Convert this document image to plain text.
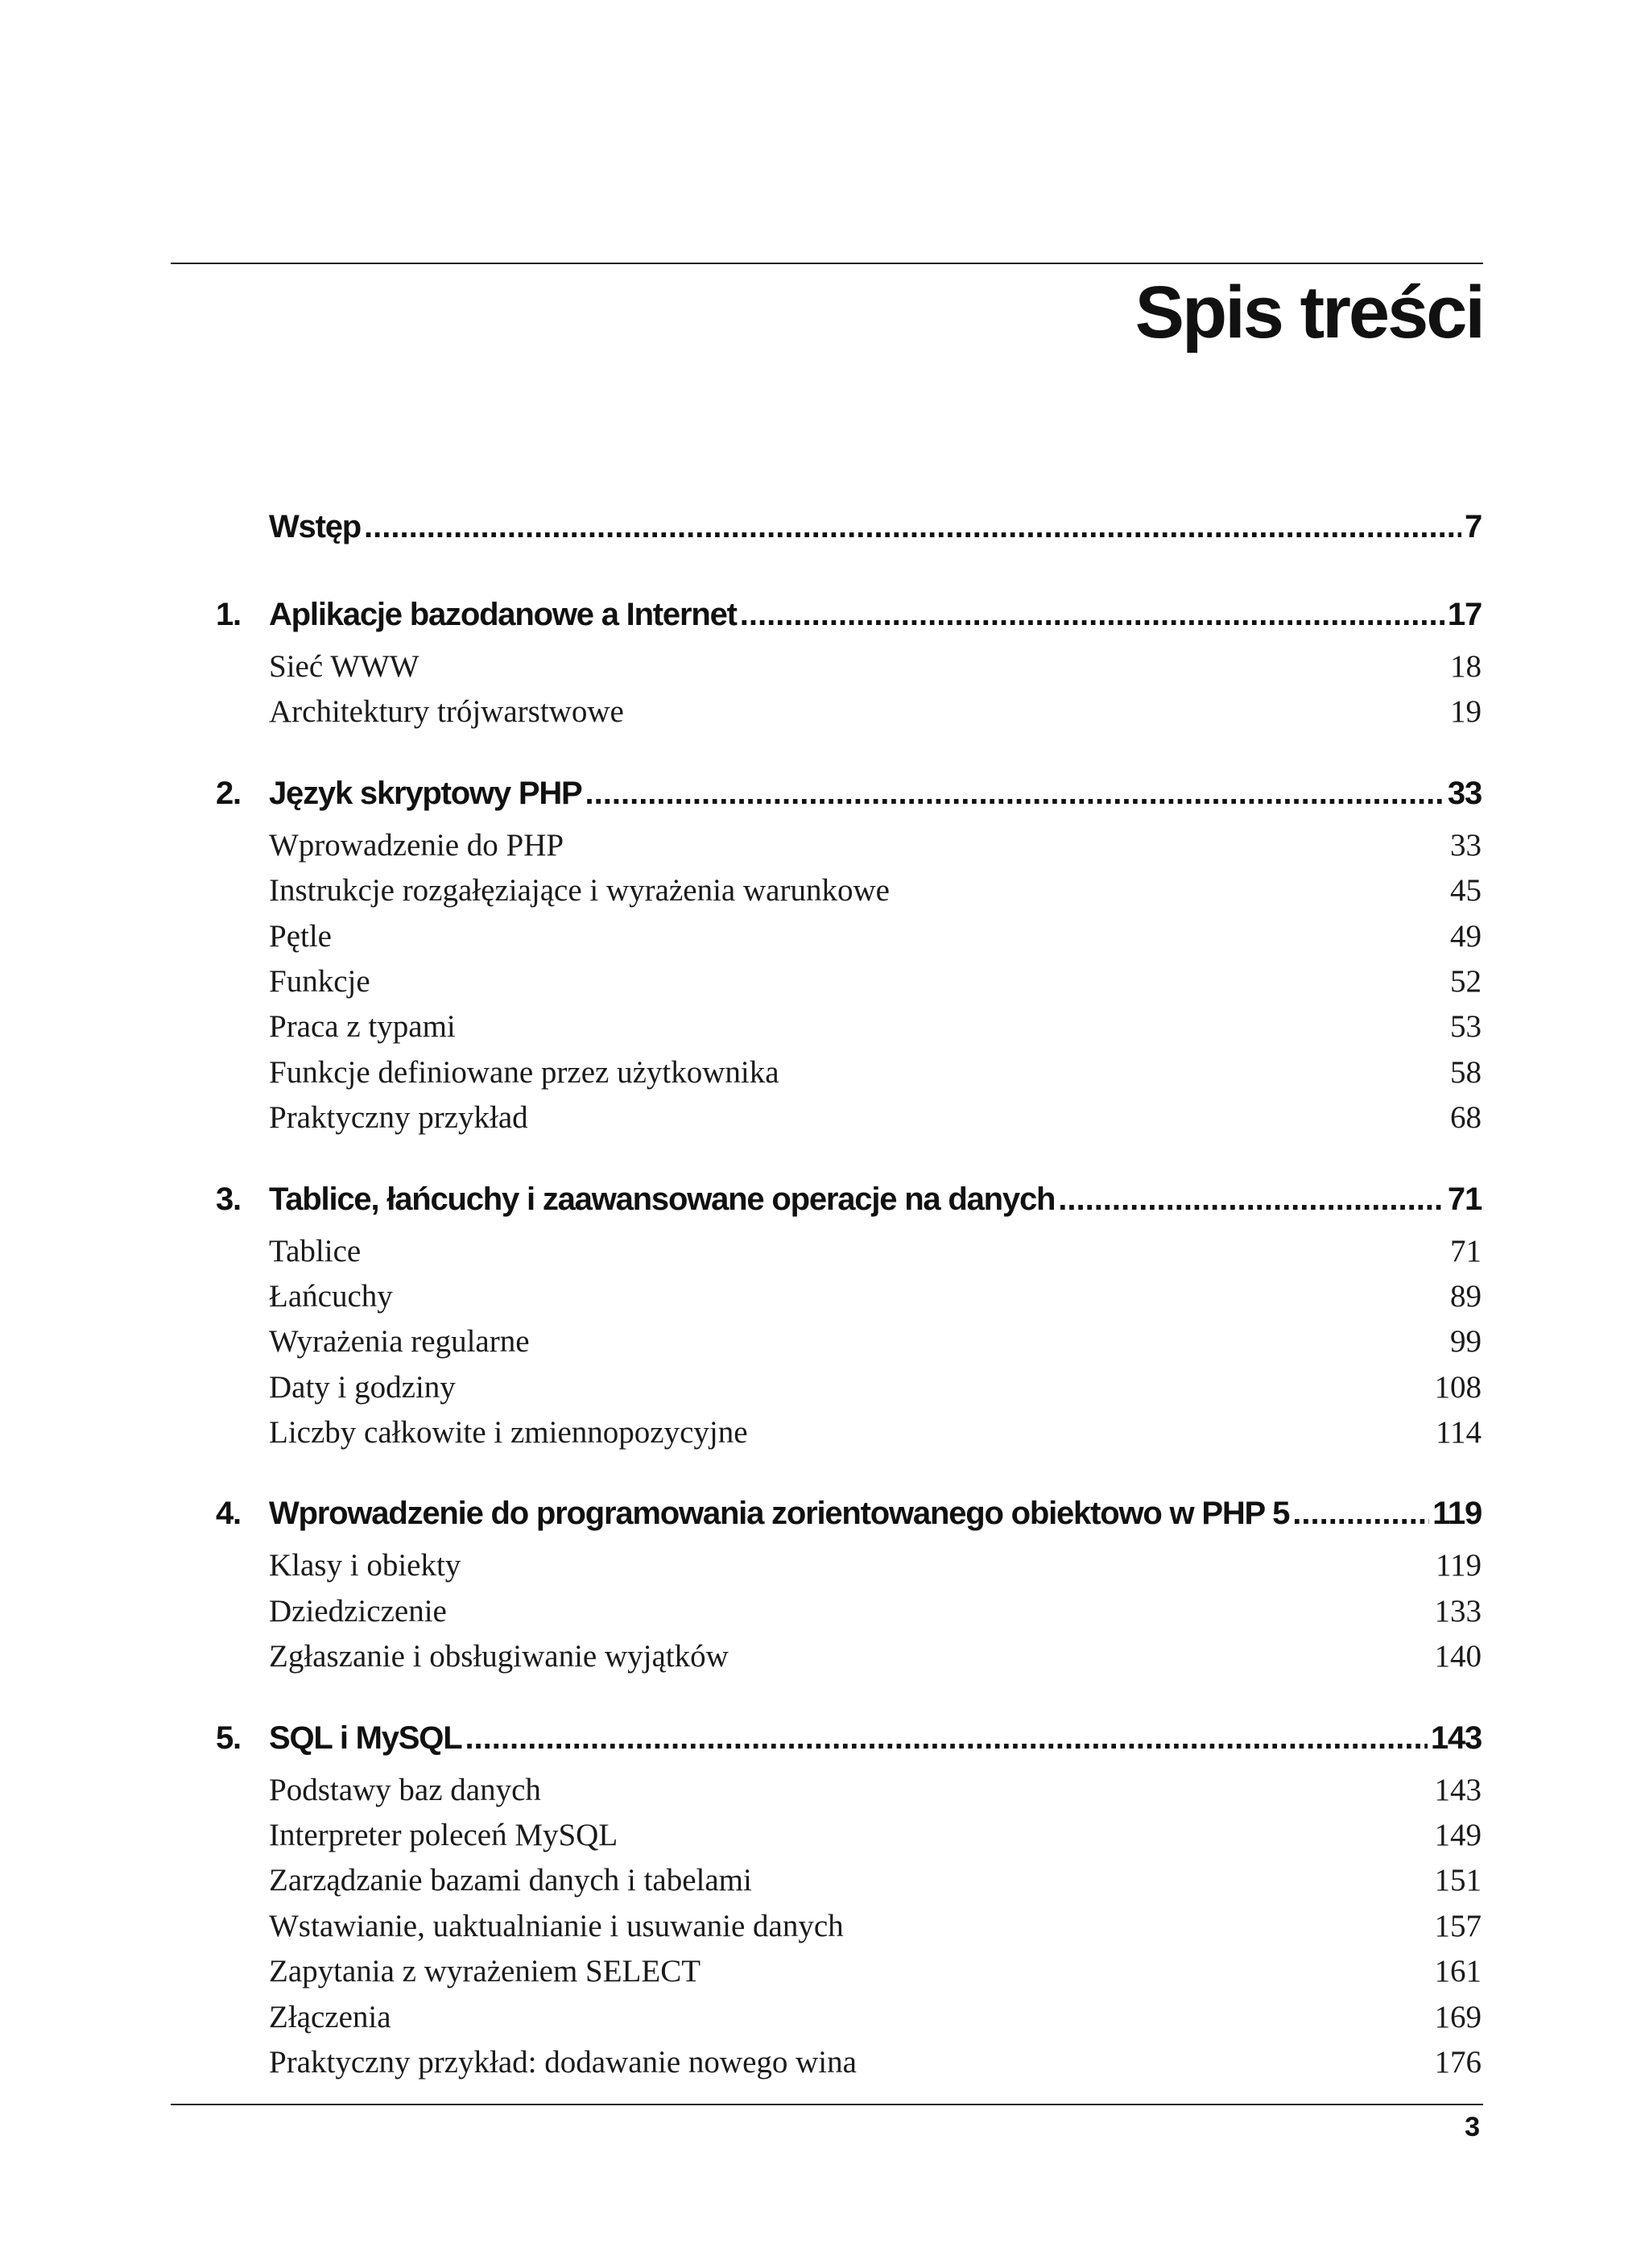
Spis treści
Wstęp .....	7
1. Aplikacje bazodanowe a Internet .....	17
Sieć WWW	18
Architektury trójwarstwowe	19
2. Język skryptowy PHP .....	33
Wprowadzenie do PHP	33
Instrukcje rozgałęziające i wyrażenia warunkowe	45
Pętle	49
Funkcje	52
Praca z typami	53
Funkcje definiowane przez użytkownika	58
Praktyczny przykład	68
3. Tablice, łańcuchy i zaawansowane operacje na danych .....	71
Tablice	71
Łańcuchy	89
Wyrażenia regularne	99
Daty i godziny	108
Liczby całkowite i zmiennopozycyjne	114
4. Wprowadzenie do programowania zorientowanego obiektowo w PHP 5 .....	119
Klasy i obiekty	119
Dziedziczenie	133
Zgłaszanie i obsługiwanie wyjątków	140
5. SQL i MySQL .....	143
Podstawy baz danych	143
Interpreter poleceń MySQL	149
Zarządzanie bazami danych i tabelami	151
Wstawianie, uaktualnianie i usuwanie danych	157
Zapytania z wyrażeniem SELECT	161
Złączenia	169
Praktyczny przykład: dodawanie nowego wina	176
3
